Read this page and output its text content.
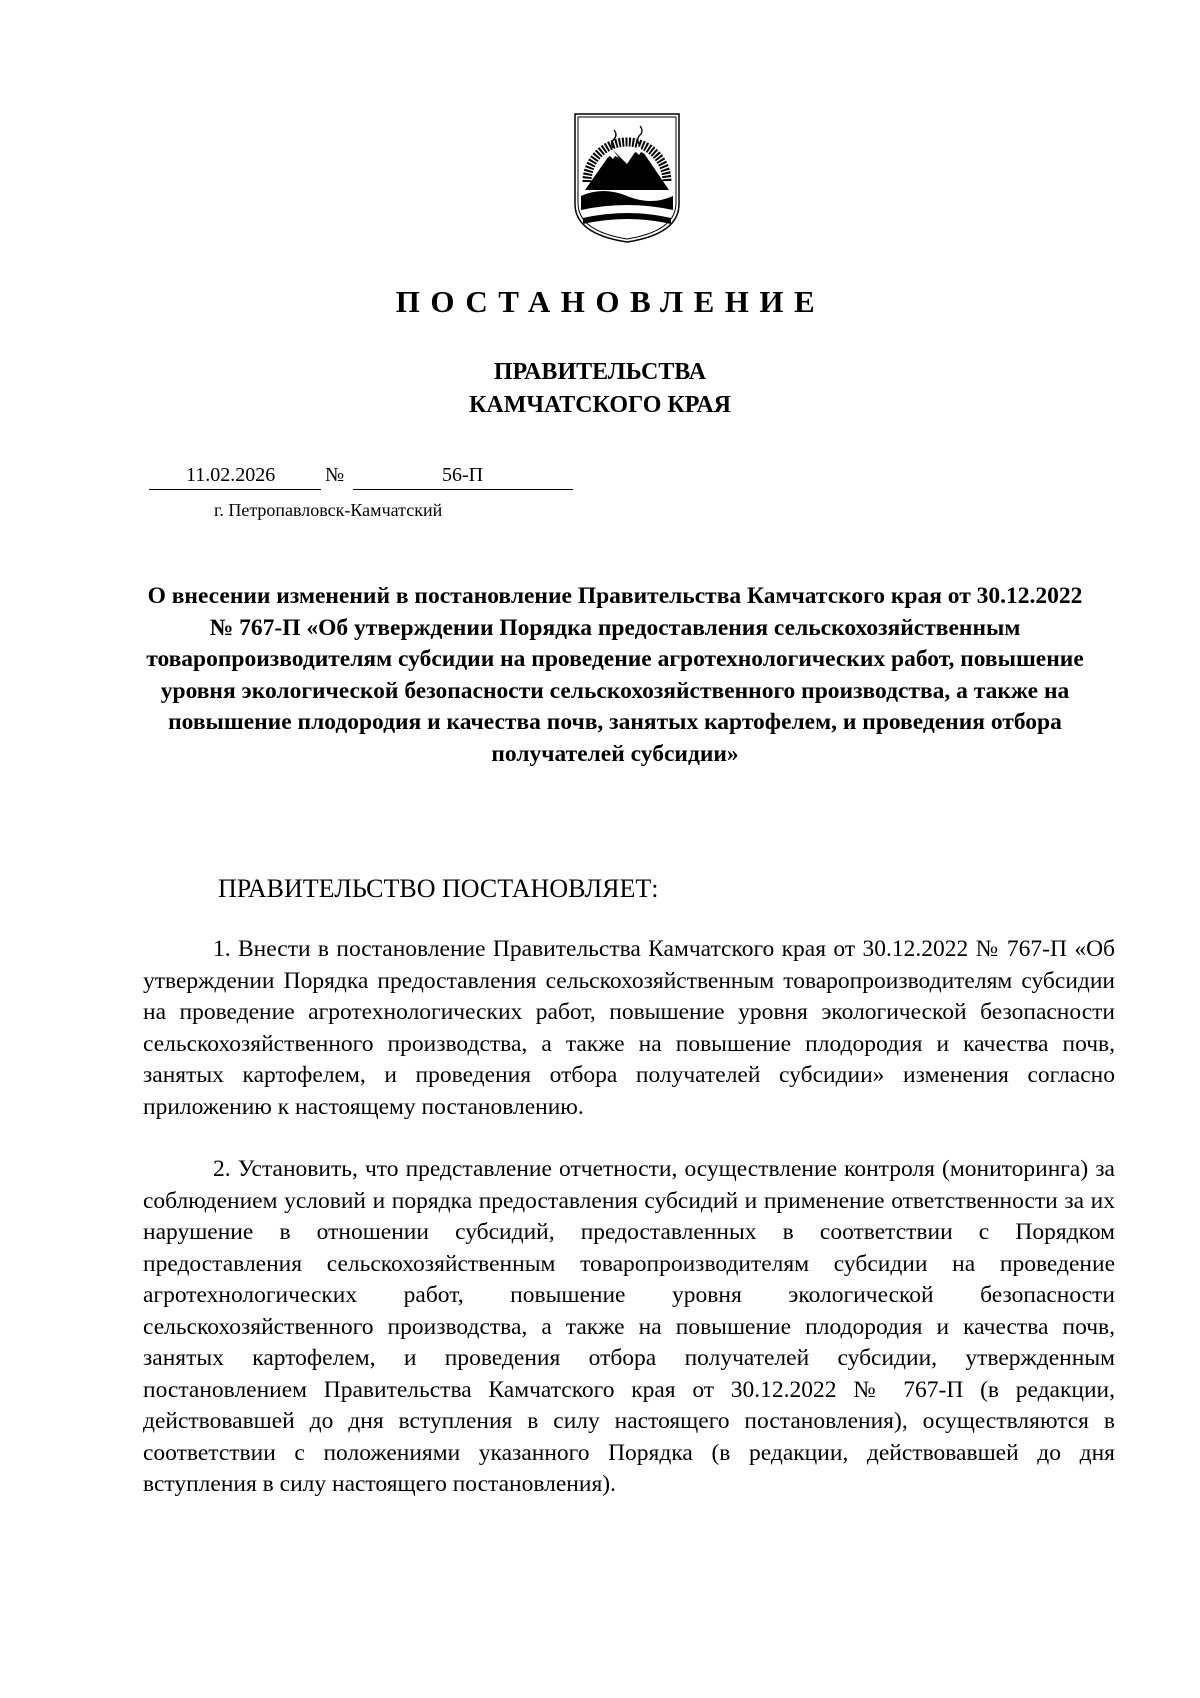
ПОСТАНОВЛЕНИЕ
ПРАВИТЕЛЬСТВА
КАМЧАТСКОГО КРАЯ
11.02.2026 №	56-П
г. Петропавловск-Камчатский
О внесении изменений в постановление Правительства Камчатского края от 30.12.2022 № 767-П «Об утверждении Порядка предоставления сельскохозяйственным товаропроизводителям субсидии на проведение агротехнологических работ, повышение уровня экологической безопасности сельскохозяйственного производства, а также на повышение плодородия и качества почв, занятых картофелем, и проведения отбора получателей субсидии»
ПРАВИТЕЛЬСТВО ПОСТАНОВЛЯЕТ:
1. Внести в постановление Правительства Камчатского края от 30.12.2022 № 767-П «Об утверждении Порядка предоставления сельскохозяйственным товаропроизводителям субсидии на проведение агротехнологических работ, повышение уровня экологической безопасности сельскохозяйственного производства, а также на повышение плодородия и качества почв, занятых картофелем, и проведения отбора получателей субсидии» изменения согласно приложению к настоящему постановлению.
2. Установить, что представление отчетности, осуществление контроля (мониторинга) за соблюдением условий и порядка предоставления субсидий и применение ответственности за их нарушение в отношении субсидий, предоставленных в соответствии с Порядком предоставления сельскохозяйственным товаропроизводителям субсидии на проведение агротехнологических работ, повышение уровня экологической безопасности сельскохозяйственного производства, а также на повышение плодородия и качества почв, занятых картофелем, и проведения отбора получателей субсидии, утвержденным постановлением Правительства Камчатского края от 30.12.2022 № 767-П (в редакции, действовавшей до дня вступления в силу настоящего постановления), осуществляются в соответствии с положениями указанного Порядка (в редакции, действовавшей до дня вступления в силу настоящего постановления).
